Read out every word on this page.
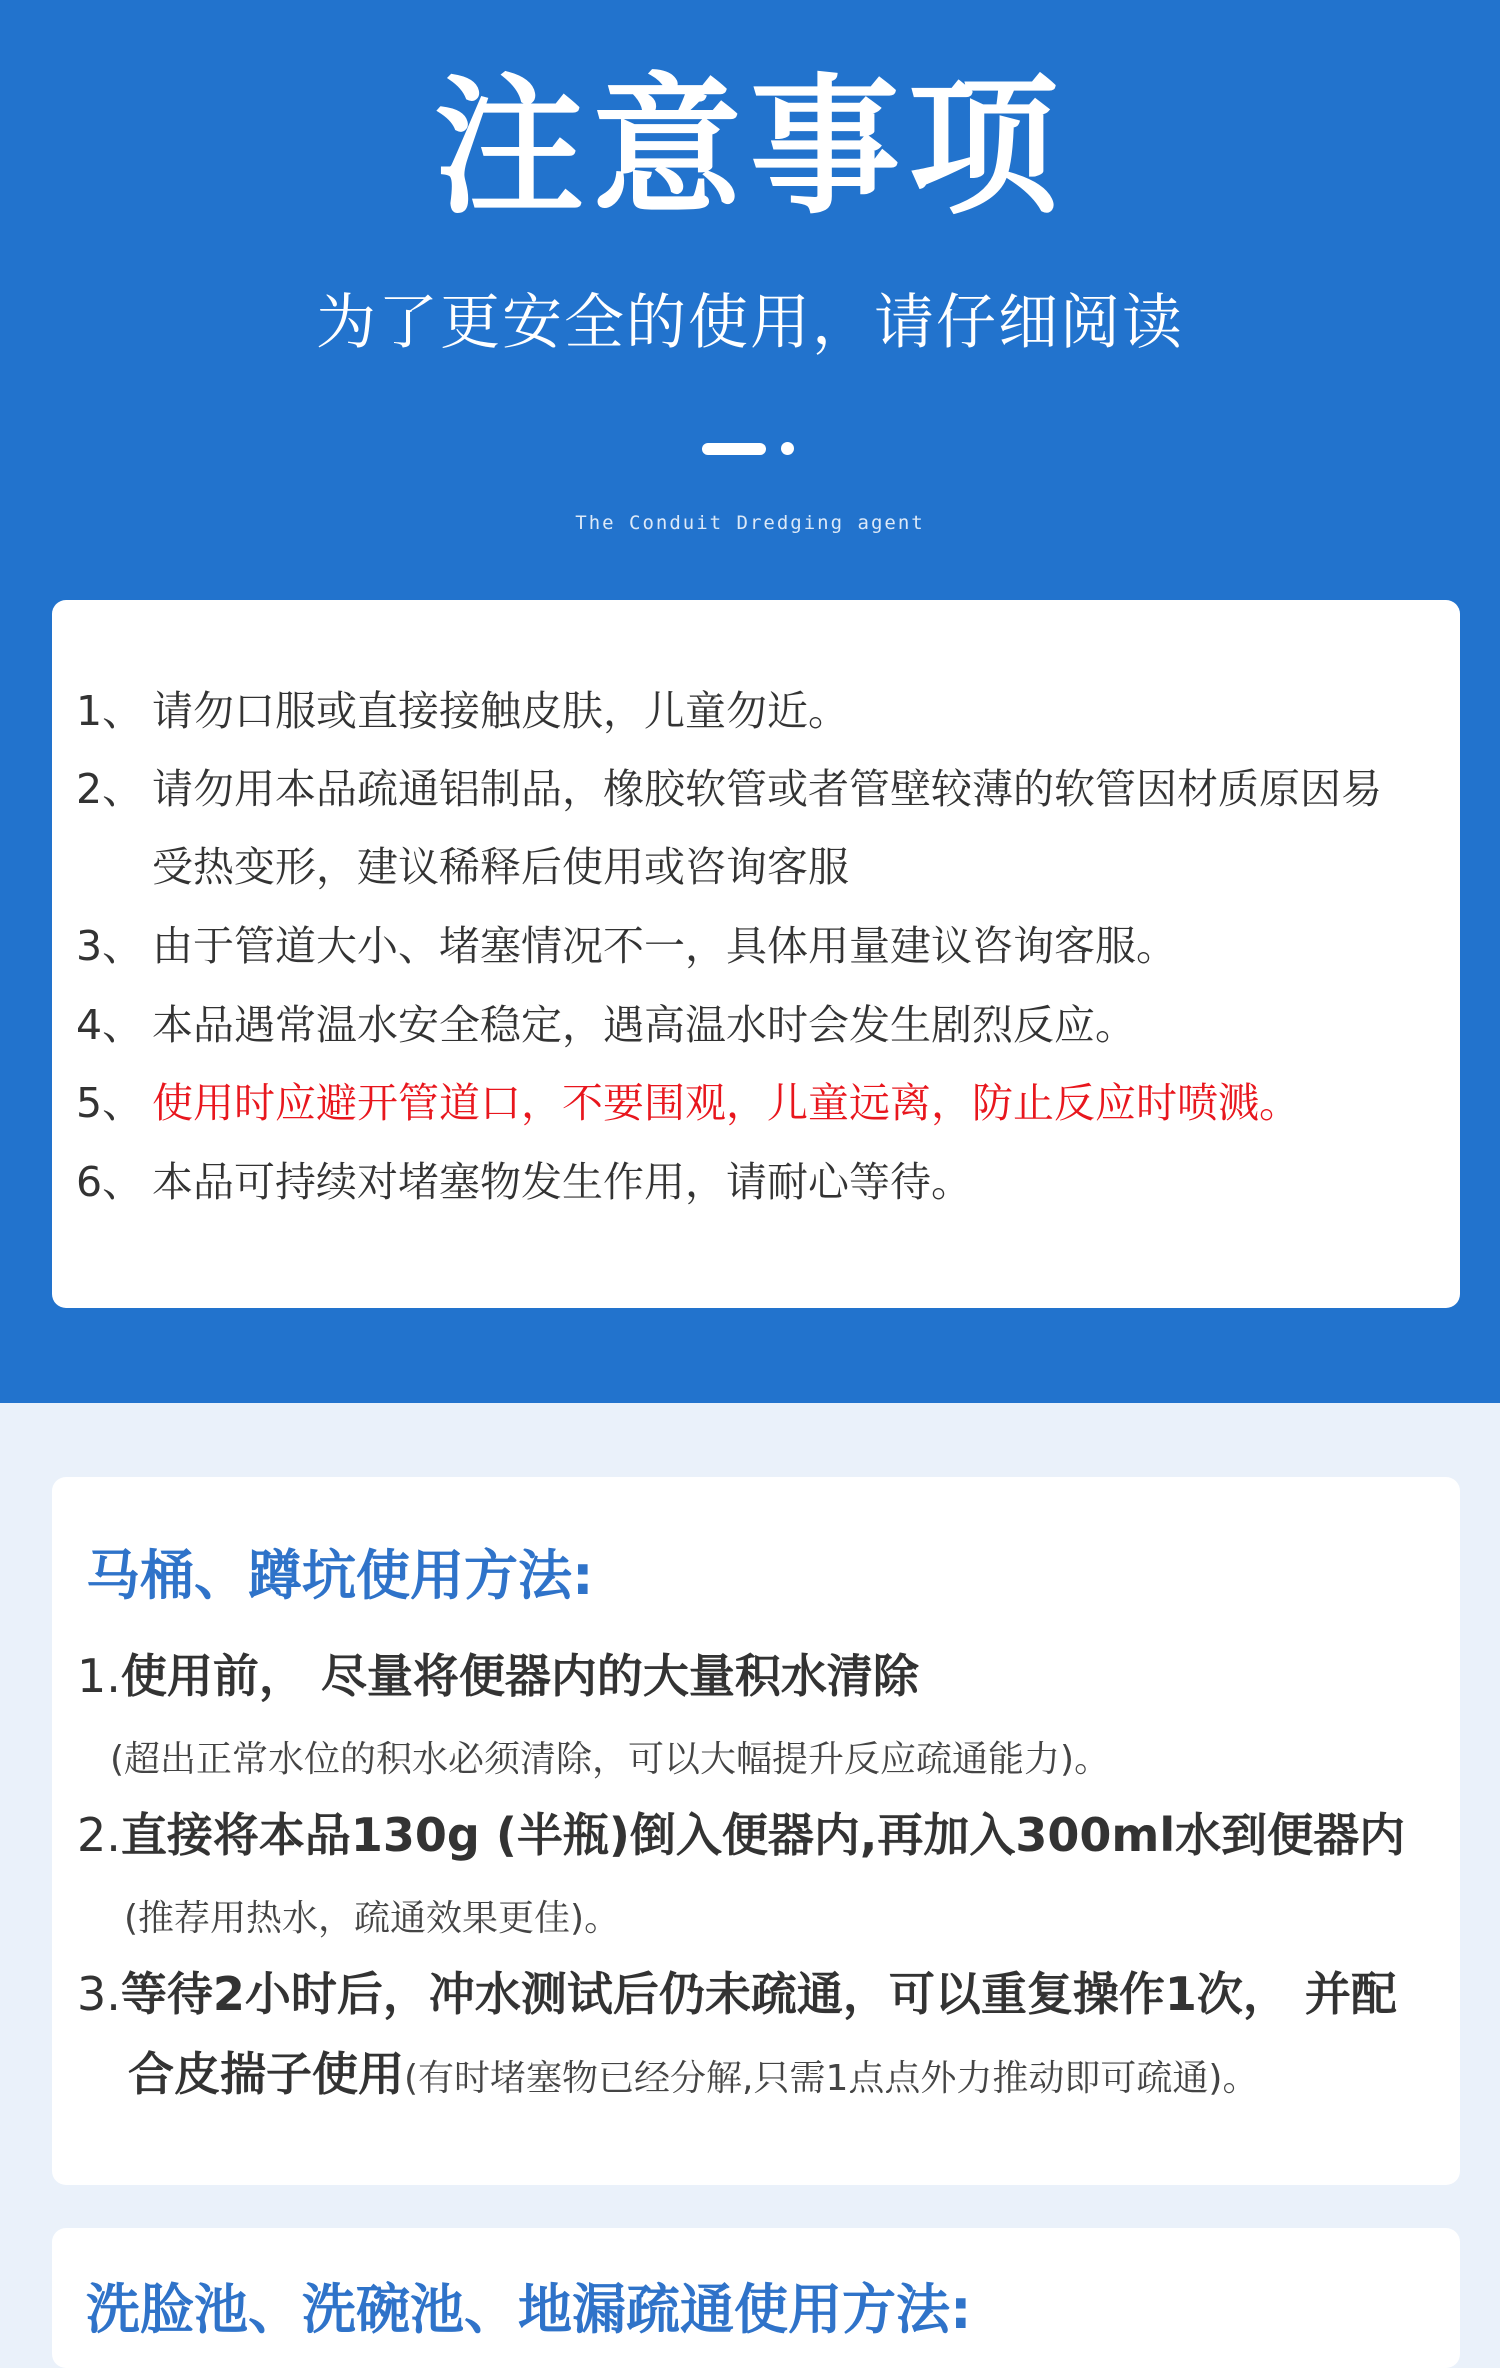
注意事项
为了更安全的使用，请仔细阅读
The Conduit Dredging agent
1、 请勿口服或直接接触皮肤，儿童勿近。
2、 请勿用本品疏通铝制品，橡胶软管或者管壁较薄的软管因材质原因易受热变形，建议稀释后使用或咨询客服
3、 由于管道大小、堵塞情况不一，具体用量建议咨询客服。
4、 本品遇常温水安全稳定，遇高温水时会发生剧烈反应。
5、 使用时应避开管道口，不要围观，儿童远离，防止反应时喷溅。
6、 本品可持续对堵塞物发生作用，请耐心等待。
马桶、蹲坑使用方法:
1.使用前， 尽量将便器内的大量积水清除
(超出正常水位的积水必须清除，可以大幅提升反应疏通能力)。
2.直接将本品130g (半瓶)倒入便器内,再加入300ml水到便器内
(推荐用热水，疏通效果更佳)。
3.等待2小时后，冲水测试后仍未疏通，可以重复操作1次， 并配
合皮揣子使用(有时堵塞物已经分解,只需1点点外力推动即可疏通)。
洗脸池、洗碗池、地漏疏通使用方法:
